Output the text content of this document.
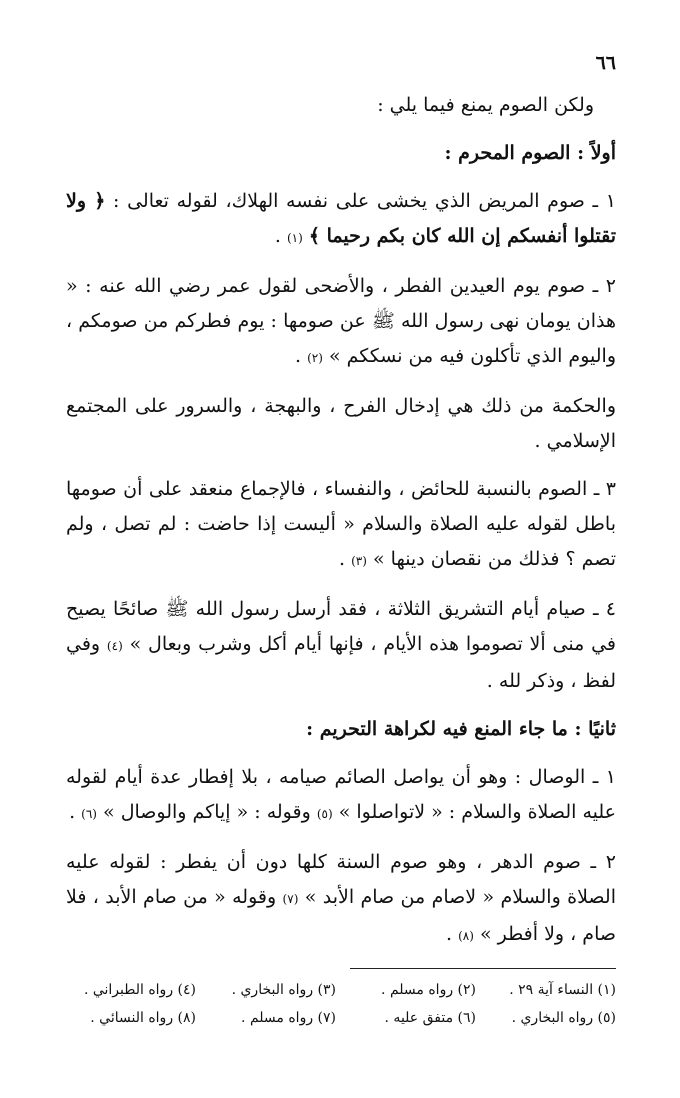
٦٦

ولكن الصوم يمنع فيما يلي :

أولاً : الصوم المحرم :

١ ـ صوم المريض الذي يخشى على نفسه الهلاك، لقوله تعالى : ﴿ ولا تقتلوا أنفسكم إن الله كان بكم رحيما ﴾ (١) .

٢ ـ صوم يوم العيدين الفطر ، والأضحى لقول عمر رضي الله عنه : « هذان يومان نهى رسول الله ﷺ عن صومها : يوم فطركم من صومكم ، واليوم الذي تأكلون فيه من نسككم » (٢) .

والحكمة من ذلك هي إدخال الفرح ، والبهجة ، والسرور على المجتمع الإسلامي .

٣ ـ الصوم بالنسبة للحائض ، والنفساء ، فالإجماع منعقد على أن صومها باطل لقوله عليه الصلاة والسلام « أليست إذا حاضت : لم تصل ، ولم تصم ؟ فذلك من نقصان دينها » (٣) .

٤ ـ صيام أيام التشريق الثلاثة ، فقد أرسل رسول الله ﷺ صائحًا يصيح في منى ألا تصوموا هذه الأيام ، فإنها أيام أكل وشرب وبعال » (٤) وفي لفظ ، وذكر لله .

ثانيًا : ما جاء المنع فيه لكراهة التحريم :

١ ـ الوصال : وهو أن يواصل الصائم صيامه ، بلا إفطار عدة أيام لقوله عليه الصلاة والسلام : « لاتواصلوا » (٥) وقوله : « إياكم والوصال » (٦) .

٢ ـ صوم الدهر ، وهو صوم السنة كلها دون أن يفطر : لقوله عليه الصلاة والسلام « لاصام من صام الأبد » (٧) وقوله « من صام الأبد ، فلا صام ، ولا أفطر » (٨) .

(١) النساء آية ٢٩ .
(٢) رواه مسلم .
(٣) رواه البخاري .
(٤) رواه الطبراني .
(٥) رواه البخاري .
(٦) متفق عليه .
(٧) رواه مسلم .
(٨) رواه النسائي .
